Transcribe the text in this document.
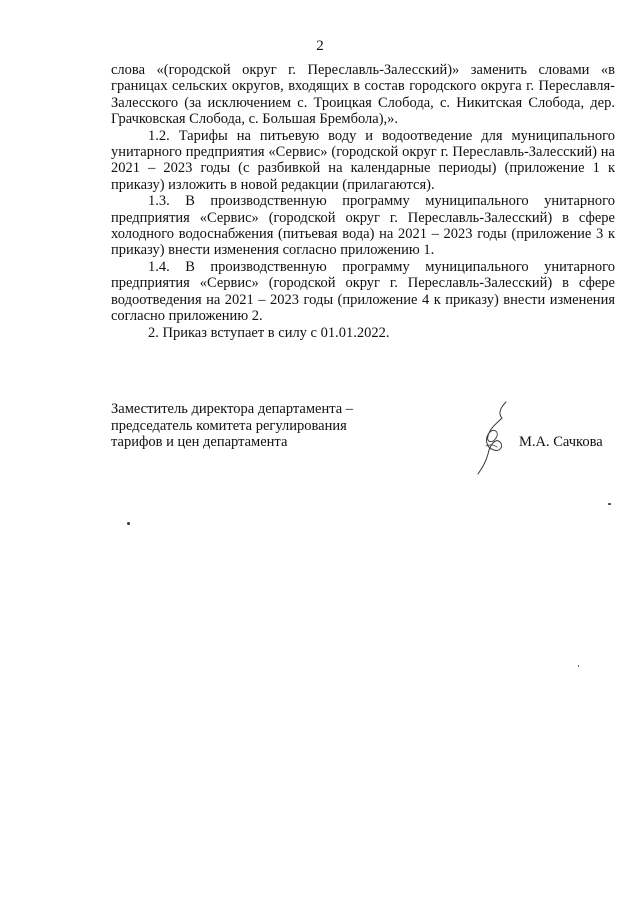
2

слова «(городской округ г. Переславль-Залесский)» заменить словами «в границах сельских округов, входящих в состав городского округа г. Переславля-Залесского (за исключением с. Троицкая Слобода, с. Никитская Слобода, дер. Грачковская Слобода, с. Большая Брембола),».

1.2. Тарифы на питьевую воду и водоотведение для муниципального унитарного предприятия «Сервис» (городской округ г. Переславль-Залесский) на 2021 – 2023 годы (с разбивкой на календарные периоды) (приложение 1 к приказу) изложить в новой редакции (прилагаются).

1.3. В производственную программу муниципального унитарного предприятия «Сервис» (городской округ г. Переславль-Залесский) в сфере холодного водоснабжения (питьевая вода) на 2021 – 2023 годы (приложение 3 к приказу) внести изменения согласно приложению 1.

1.4. В производственную программу муниципального унитарного предприятия «Сервис» (городской округ г. Переславль-Залесский) в сфере водоотведения на 2021 – 2023 годы (приложение 4 к приказу) внести изменения согласно приложению 2.

2. Приказ вступает в силу с 01.01.2022.

Заместитель директора департамента –
председатель комитета регулирования
тарифов и цен департамента	М.А. Сачкова
